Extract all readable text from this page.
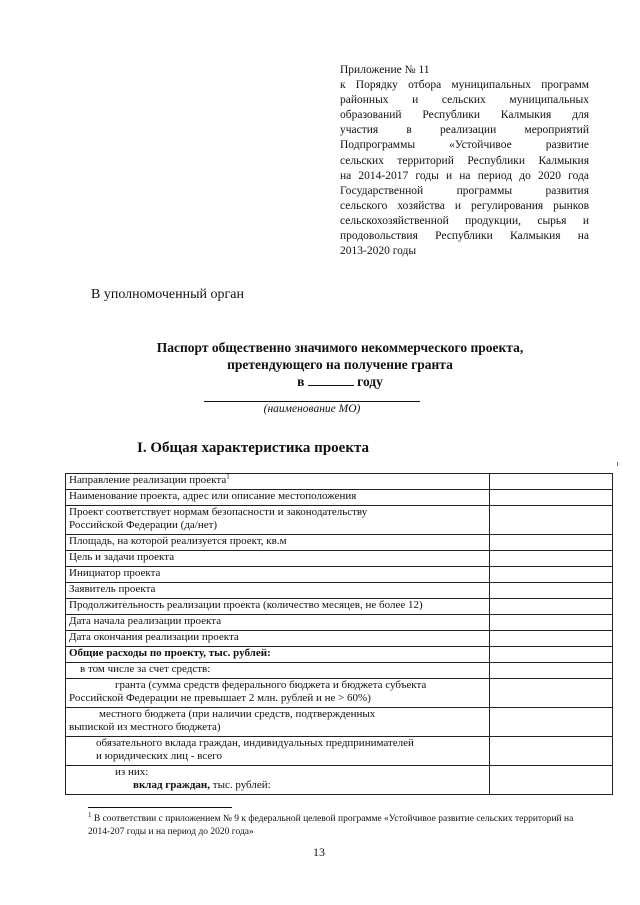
Приложение № 11
к Порядку отбора муниципальных программ
районных и сельских муниципальных
образований Республики Калмыкия для
участия в реализации мероприятий
Подпрограммы «Устойчивое развитие
сельских территорий Республики Калмыкия
на 2014-2017 годы и на период до 2020 года
Государственной программы развития
сельского хозяйства и регулирования рынков
сельскохозяйственной продукции, сырья и
продовольствия Республики Калмыкия на
2013-2020 годы
В уполномоченный орган
Паспорт общественно значимого некоммерческого проекта,
претендующего на получение гранта
в	году
(наименование МО)
I. Общая характеристика проекта
Направление реализации проекта$^1$	
Наименование проекта, адрес или описание местоположения	

Проект соответствует нормам безопасности и законодательству
Российской Федерации (да/нет)	

Площадь, на которой реализуется проект, кв.м	
Цель и задачи проекта	
Инициатор проекта	
Заявитель проекта	
Продолжительность реализации проекта (количество месяцев, не более 12)	
Дата начала реализации проекта	
Дата окончания реализации проекта	
Общие расходы по проекту, тыс. рублей:	
в том числе за счет средств:	

гранта (сумма средств федерального бюджета и бюджета субъекта
Российской Федерации не превышает 2 млн. рублей и не > 60%)	

местного бюджета (при наличии средств, подтвержденных
выпиской из местного бюджета)	

обязательного вклада граждан, индивидуальных предпринимателей
и юридических лиц - всего	

из них:
вклад граждан, тыс. рублей:	

$^1$ В соответствии с приложением № 9 к федеральной целевой программе «Устойчивое развитие сельских территорий на 2014-207 годы и на период до 2020 года»
13
